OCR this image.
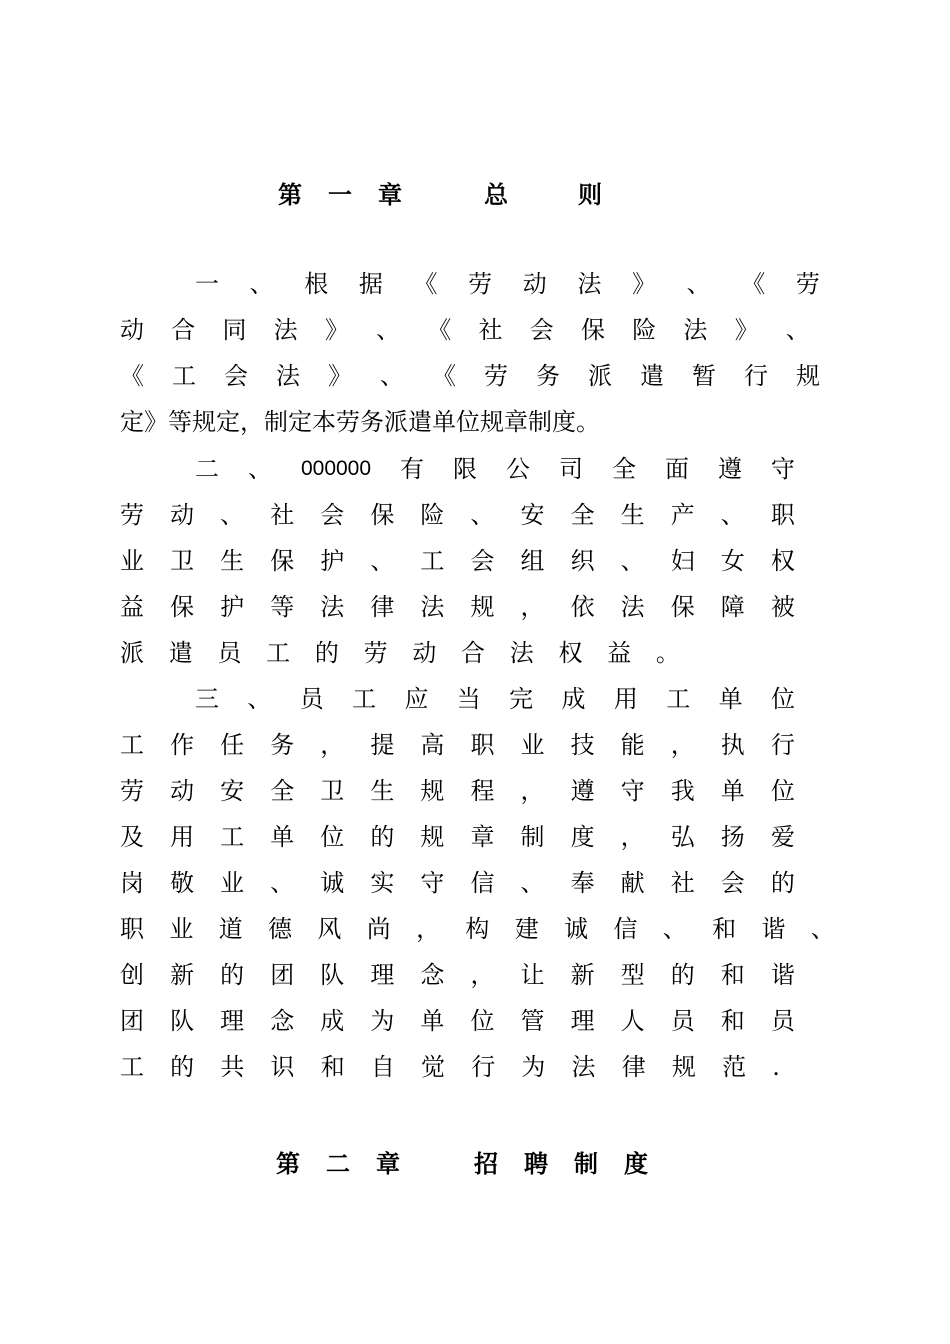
第一章 总则
一 、 根 据 《 劳 动 法 》 、 《 劳
动 合 同 法 》 、 《 社 会 保 险 法 》 、
《 工 会 法 》 、 《 劳 务 派 遣 暂 行 规
定》等规定，制定本劳务派遣单位规章制度。
二 、 000000 有 限 公 司 全 面 遵 守
劳 动 、 社 会 保 险 、 安 全 生 产 、 职
业 卫 生 保 护 、 工 会 组 织 、 妇 女 权
益 保 护 等 法 律 法 规 ， 依 法 保 障 被
派 遣 员 工 的 劳 动 合 法 权 益 。
三 、 员 工 应 当 完 成 用 工 单 位
工 作 任 务 ， 提 高 职 业 技 能 ， 执 行
劳 动 安 全 卫 生 规 程 ， 遵 守 我 单 位
及 用 工 单 位 的 规 章 制 度 ， 弘 扬 爱
岗 敬 业 、 诚 实 守 信 、 奉 献 社 会 的
职 业 道 德 风 尚 ， 构 建 诚 信 、 和 谐 、
创 新 的 团 队 理 念 ， 让 新 型 的 和 谐
团 队 理 念 成 为 单 位 管 理 人 员 和 员
工 的 共 识 和 自 觉 行 为 法 律 规 范 .
第二章 招聘制度
